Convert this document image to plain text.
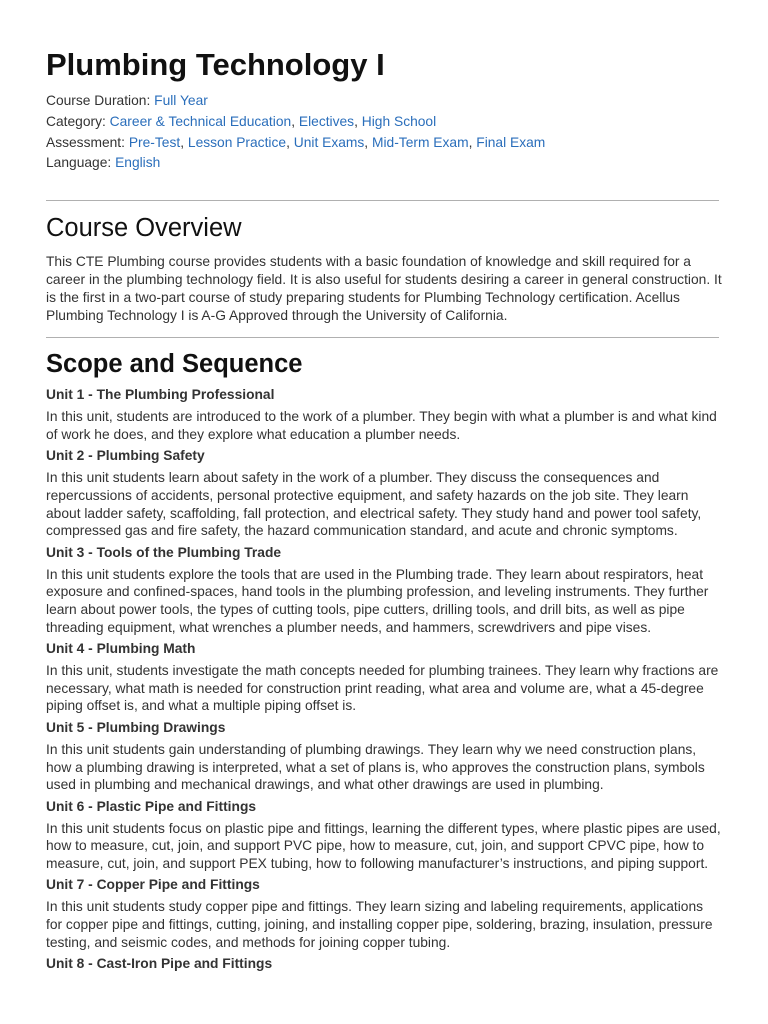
Plumbing Technology I
Course Duration: Full Year
Category: Career & Technical Education, Electives, High School
Assessment: Pre-Test, Lesson Practice, Unit Exams, Mid-Term Exam, Final Exam
Language: English
Course Overview

This CTE Plumbing course provides students with a basic foundation of knowledge and skill required for a career in the plumbing technology field. It is also useful for students desiring a career in general construction. It is the first in a two-part course of study preparing students for Plumbing Technology certification. Acellus Plumbing Technology I is A-G Approved through the University of California.

Scope and Sequence
Unit 1 - The Plumbing Professional

In this unit, students are introduced to the work of a plumber. They begin with what a plumber is and what kind of work he does, and they explore what education a plumber needs.

Unit 2 - Plumbing Safety

In this unit students learn about safety in the work of a plumber. They discuss the consequences and repercussions of accidents, personal protective equipment, and safety hazards on the job site. They learn about ladder safety, scaffolding, fall protection, and electrical safety. They study hand and power tool safety, compressed gas and fire safety, the hazard communication standard, and acute and chronic symptoms.

Unit 3 - Tools of the Plumbing Trade

In this unit students explore the tools that are used in the Plumbing trade. They learn about respirators, heat exposure and confined-spaces, hand tools in the plumbing profession, and leveling instruments. They further learn about power tools, the types of cutting tools, pipe cutters, drilling tools, and drill bits, as well as pipe threading equipment, what wrenches a plumber needs, and hammers, screwdrivers and pipe vises.

Unit 4 - Plumbing Math

In this unit, students investigate the math concepts needed for plumbing trainees. They learn why fractions are necessary, what math is needed for construction print reading, what area and volume are, what a 45-degree piping offset is, and what a multiple piping offset is.

Unit 5 - Plumbing Drawings

In this unit students gain understanding of plumbing drawings. They learn why we need construction plans, how a plumbing drawing is interpreted, what a set of plans is, who approves the construction plans, symbols used in plumbing and mechanical drawings, and what other drawings are used in plumbing.

Unit 6 - Plastic Pipe and Fittings

In this unit students focus on plastic pipe and fittings, learning the different types, where plastic pipes are used, how to measure, cut, join, and support PVC pipe, how to measure, cut, join, and support CPVC pipe, how to measure, cut, join, and support PEX tubing, how to following manufacturer’s instructions, and piping support.

Unit 7 - Copper Pipe and Fittings

In this unit students study copper pipe and fittings. They learn sizing and labeling requirements, applications for copper pipe and fittings, cutting, joining, and installing copper pipe, soldering, brazing, insulation, pressure testing, and seismic codes, and methods for joining copper tubing.

Unit 8 - Cast-Iron Pipe and Fittings
